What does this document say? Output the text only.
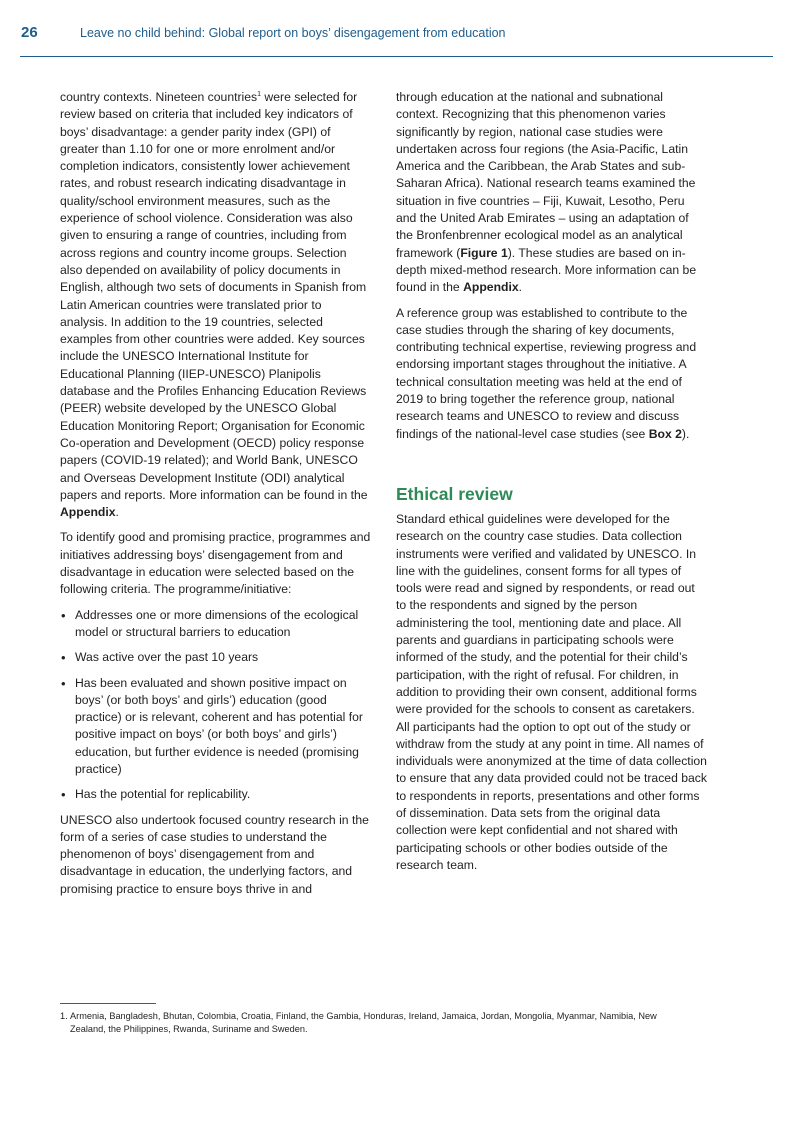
26	Leave no child behind: Global report on boys’ disengagement from education

country contexts. Nineteen countries$^1$ were selected for review based on criteria that included key indicators of boys’ disadvantage: a gender parity index (GPI) of greater than 1.10 for one or more enrolment and/or completion indicators, consistently lower achievement rates, and robust research indicating disadvantage in quality/school environment measures, such as the experience of school violence. Consideration was also given to ensuring a range of countries, including from across regions and country income groups. Selection also depended on availability of policy documents in English, although two sets of documents in Spanish from Latin American countries were translated prior to analysis. In addition to the 19 countries, selected examples from other countries were added. Key sources include the UNESCO International Institute for Educational Planning (IIEP-UNESCO) Planipolis database and the Profiles Enhancing Education Reviews (PEER) website developed by the UNESCO Global Education Monitoring Report; Organisation for Economic Co-operation and Development (OECD) policy response papers (COVID-19 related); and World Bank, UNESCO and Overseas Development Institute (ODI) analytical papers and reports. More information can be found in the Appendix.

To identify good and promising practice, programmes and initiatives addressing boys’ disengagement from and disadvantage in education were selected based on the following criteria. The programme/initiative:

• Addresses one or more dimensions of the ecological model or structural barriers to education
• Was active over the past 10 years
• Has been evaluated and shown positive impact on boys’ (or both boys’ and girls’) education (good practice) or is relevant, coherent and has potential for positive impact on boys’ (or both boys’ and girls’) education, but further evidence is needed (promising practice)
• Has the potential for replicability.

UNESCO also undertook focused country research in the form of a series of case studies to understand the phenomenon of boys’ disengagement from and disadvantage in education, the underlying factors, and promising practice to ensure boys thrive in and

through education at the national and subnational context. Recognizing that this phenomenon varies significantly by region, national case studies were undertaken across four regions (the Asia-Pacific, Latin America and the Caribbean, the Arab States and sub-Saharan Africa). National research teams examined the situation in five countries – Fiji, Kuwait, Lesotho, Peru and the United Arab Emirates – using an adaptation of the Bronfenbrenner ecological model as an analytical framework (Figure 1). These studies are based on in-depth mixed-method research. More information can be found in the Appendix.

A reference group was established to contribute to the case studies through the sharing of key documents, contributing technical expertise, reviewing progress and endorsing important stages throughout the initiative. A technical consultation meeting was held at the end of 2019 to bring together the reference group, national research teams and UNESCO to review and discuss findings of the national-level case studies (see Box 2).

Ethical review

Standard ethical guidelines were developed for the research on the country case studies. Data collection instruments were verified and validated by UNESCO. In line with the guidelines, consent forms for all types of tools were read and signed by respondents, or read out to the respondents and signed by the person administering the tool, mentioning date and place. All parents and guardians in participating schools were informed of the study, and the potential for their child’s participation, with the right of refusal. For children, in addition to providing their own consent, additional forms were provided for the schools to consent as caretakers. All participants had the option to opt out of the study or withdraw from the study at any point in time. All names of individuals were anonymized at the time of data collection to ensure that any data provided could not be traced back to respondents in reports, presentations and other forms of dissemination. Data sets from the original data collection were kept confidential and not shared with participating schools or other bodies outside of the research team.

1. Armenia, Bangladesh, Bhutan, Colombia, Croatia, Finland, the Gambia, Honduras, Ireland, Jamaica, Jordan, Mongolia, Myanmar, Namibia, New
Zealand, the Philippines, Rwanda, Suriname and Sweden.
